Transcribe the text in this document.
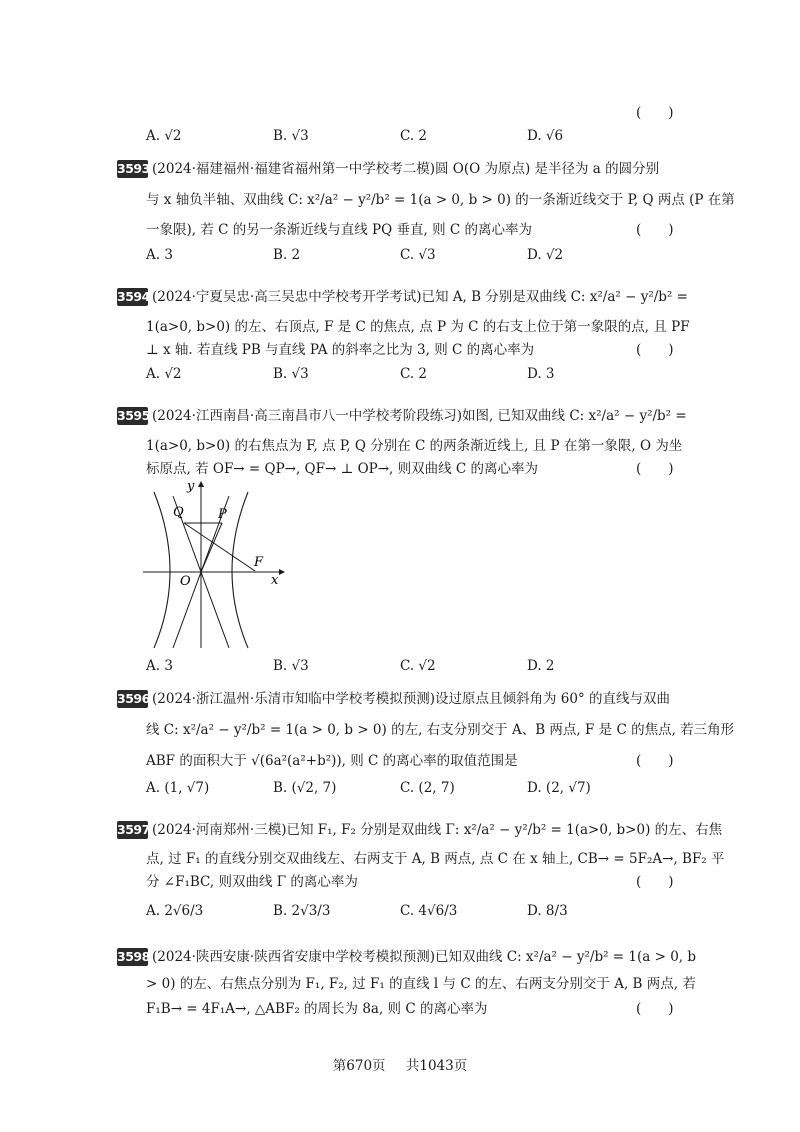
(　　)
A. √2	B. √3	C. 2	D. √6
3593 (2024·福建福州·福建省福州第一中学校考二模)圆 O(O 为原点) 是半径为 a 的圆分别
与 x 轴负半轴、双曲线 C: x²/a² − y²/b² = 1(a > 0, b > 0) 的一条渐近线交于 P, Q 两点 (P 在第
一象限), 若 C 的另一条渐近线与直线 PQ 垂直, 则 C 的离心率为	(　　)
A. 3	B. 2	C. √3	D. √2
3594 (2024·宁夏吴忠·高三吴忠中学校考开学考试)已知 A, B 分别是双曲线 C: x²/a² − y²/b² =
1(a>0, b>0) 的左、右顶点, F 是 C 的焦点, 点 P 为 C 的右支上位于第一象限的点, 且 PF
⊥ x 轴. 若直线 PB 与直线 PA 的斜率之比为 3, 则 C 的离心率为	(　　)
A. √2	B. √3	C. 2	D. 3
3595 (2024·江西南昌·高三南昌市八一中学校考阶段练习)如图, 已知双曲线 C: x²/a² − y²/b² =
1(a>0, b>0) 的右焦点为 F, 点 P, Q 分别在 C 的两条渐近线上, 且 P 在第一象限, O 为坐
标原点, 若 OF→ = QP→, QF→ ⊥ OP→, 则双曲线 C 的离心率为	(　　)
y
x
Q	P
O
F
A. 3	B. √3	C. √2	D. 2
3596 (2024·浙江温州·乐清市知临中学校考模拟预测)设过原点且倾斜角为 60° 的直线与双曲
线 C: x²/a² − y²/b² = 1(a > 0, b > 0) 的左, 右支分别交于 A、B 两点, F 是 C 的焦点, 若三角形
ABF 的面积大于 √(6a²(a²+b²)), 则 C 的离心率的取值范围是	(　　)
A. (1, √7)	B. (√2, 7)	C. (2, 7)	D. (2, √7)
3597 (2024·河南郑州·三模)已知 F₁, F₂ 分别是双曲线 Γ: x²/a² − y²/b² = 1(a>0, b>0) 的左、右焦
点, 过 F₁ 的直线分别交双曲线左、右两支于 A, B 两点, 点 C 在 x 轴上, CB→ = 5F₂A→, BF₂ 平
分 ∠F₁BC, 则双曲线 Γ 的离心率为	(　　)
A. 2√6/3	B. 2√3/3	C. 4√6/3	D. 8/3
3598 (2024·陕西安康·陕西省安康中学校考模拟预测)已知双曲线 C: x²/a² − y²/b² = 1(a > 0, b
> 0) 的左、右焦点分别为 F₁, F₂, 过 F₁ 的直线 l 与 C 的左、右两支分别交于 A, B 两点, 若
F₁B→ = 4F₁A→, △ABF₂ 的周长为 8a, 则 C 的离心率为	(　　)
第670页 共1043页
